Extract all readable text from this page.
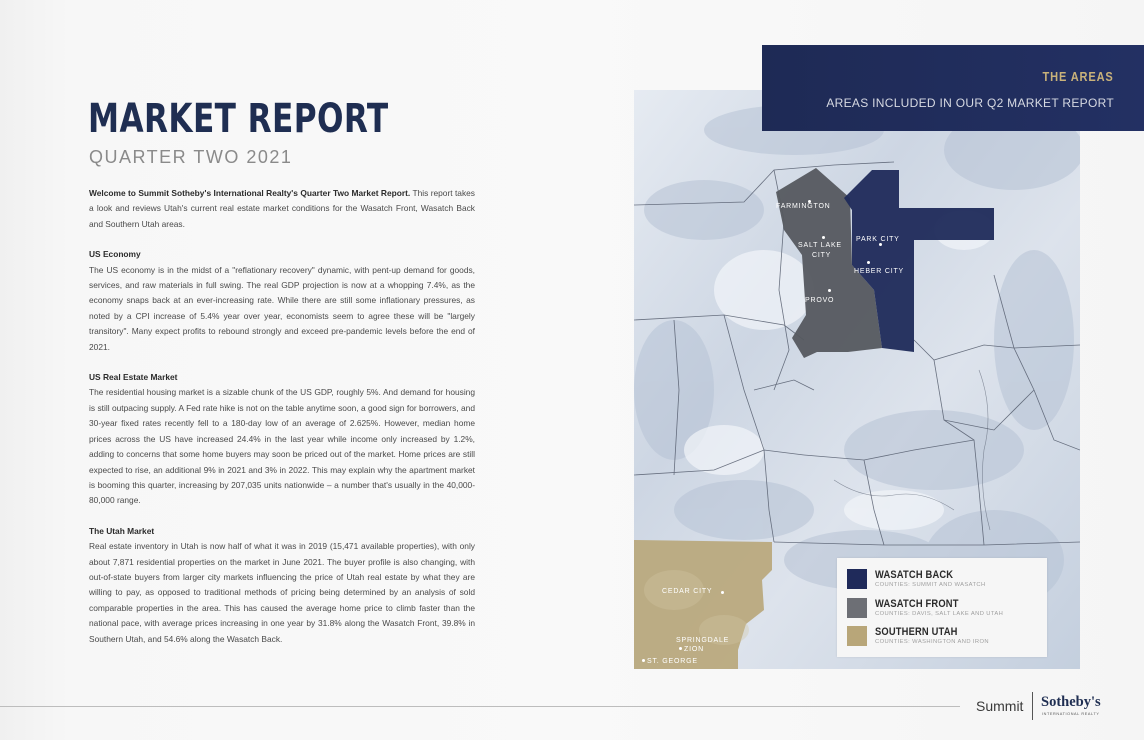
MARKET REPORT
QUARTER TWO 2021

Welcome to Summit Sotheby's International Realty's Quarter Two Market Report. This report takes a look and reviews Utah's current real estate market conditions for the Wasatch Front, Wasatch Back and Southern Utah areas.

US Economy

The US economy is in the midst of a "reflationary recovery" dynamic, with pent-up demand for goods, services, and raw materials in full swing. The real GDP projection is now at a whopping 7.4%, as the economy snaps back at an ever-increasing rate. While there are still some inflationary pressures, as noted by a CPI increase of 5.4% year over year, economists seem to agree these will be "largely transitory". Many expect profits to rebound strongly and exceed pre-pandemic levels before the end of 2021.

US Real Estate Market

The residential housing market is a sizable chunk of the US GDP, roughly 5%. And demand for housing is still outpacing supply. A Fed rate hike is not on the table anytime soon, a good sign for borrowers, and 30-year fixed rates recently fell to a 180-day low of an average of 2.625%. However, median home prices across the US have increased 24.4% in the last year while income only increased by 1.2%, adding to concerns that some home buyers may soon be priced out of the market. Home prices are still expected to rise, an additional 9% in 2021 and 3% in 2022. This may explain why the apartment market is booming this quarter, increasing by 207,035 units nationwide – a number that's usually in the 40,000-80,000 range.

The Utah Market

Real estate inventory in Utah is now half of what it was in 2019 (15,471 available properties), with only about 7,871 residential properties on the market in June 2021. The buyer profile is also changing, with out-of-state buyers from larger city markets influencing the price of Utah real estate by what they are willing to pay, as opposed to traditional methods of pricing being determined by an analysis of sold comparable properties in the area. This has caused the average home price to climb faster than the national pace, with average prices increasing in one year by 31.8% along the Wasatch Front, 39.8% in Southern Utah, and 54.6% along the Wasatch Back.

FARMINGTON
SALT LAKE
CITY
PARK CITY
HEBER CITY
PROVO
CEDAR CITY
SPRINGDALE
ZION
ST. GEORGE
THE AREAS
AREAS INCLUDED IN OUR Q2 MARKET REPORT
WASATCH BACK
COUNTIES: SUMMIT AND WASATCH
WASATCH FRONT
COUNTIES: DAVIS, SALT LAKE AND UTAH
SOUTHERN UTAH
COUNTIES: WASHINGTON AND IRON
Summit Sotheby's
INTERNATIONAL REALTY
